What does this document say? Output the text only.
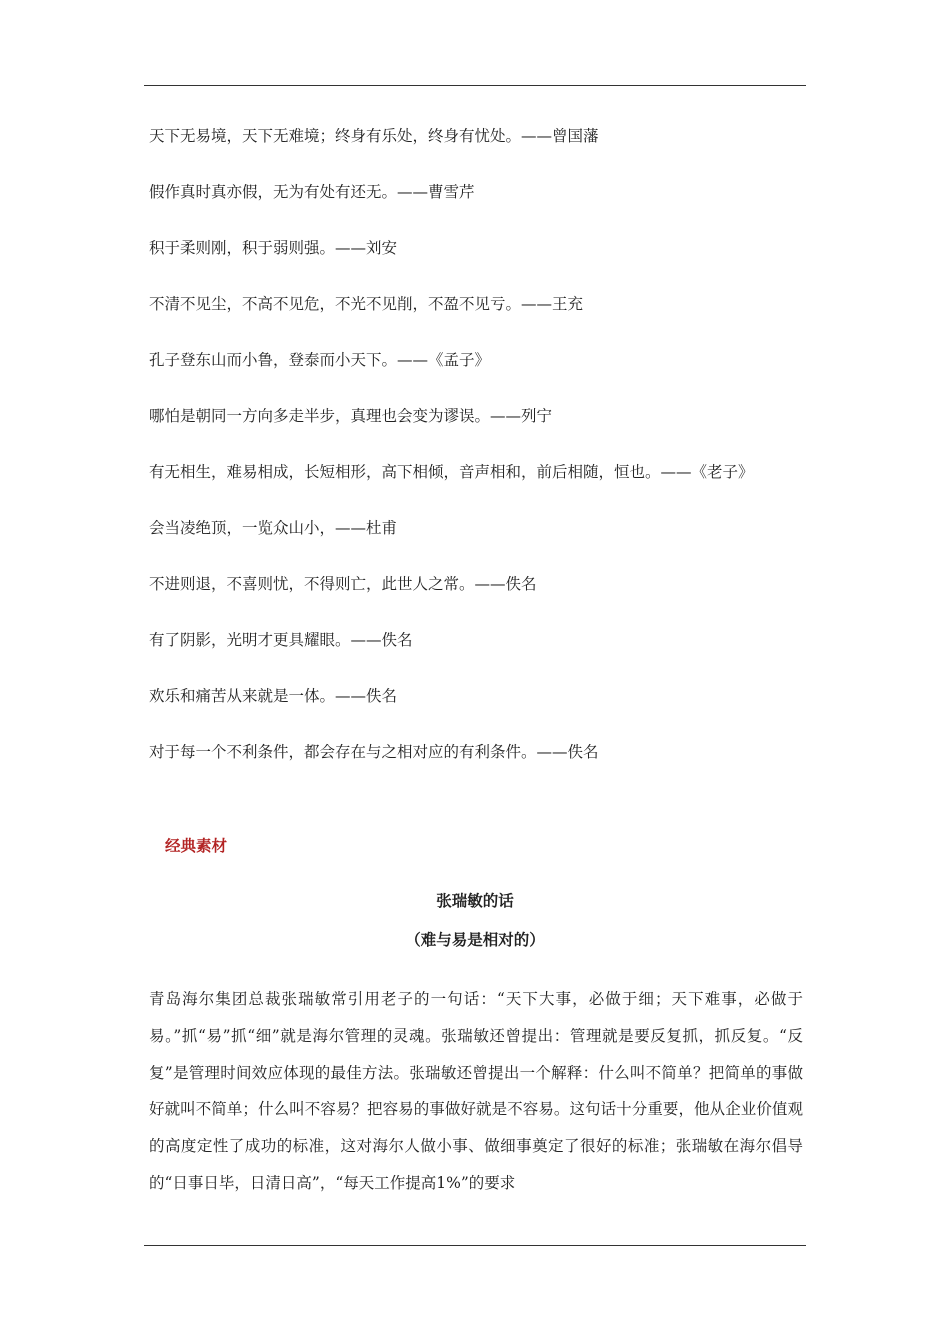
天下无易境，天下无难境；终身有乐处，终身有忧处。——曾国藩
假作真时真亦假，无为有处有还无。——曹雪芹
积于柔则刚，积于弱则强。——刘安
不清不见尘，不高不见危，不光不见削，不盈不见亏。——王充
孔子登东山而小鲁，登泰而小天下。——《孟子》
哪怕是朝同一方向多走半步，真理也会变为谬误。——列宁
有无相生，难易相成，长短相形，高下相倾，音声相和，前后相随，恒也。——《老子》
会当凌绝顶，一览众山小，——杜甫
不进则退，不喜则忧，不得则亡，此世人之常。——佚名
有了阴影，光明才更具耀眼。——佚名
欢乐和痛苦从来就是一体。——佚名
对于每一个不利条件，都会存在与之相对应的有利条件。——佚名
经典素材
张瑞敏的话
（难与易是相对的）

青岛海尔集团总裁张瑞敏常引用老子的一句话：“天下大事，必做于细；天下难事，必做于易。”抓“易”抓“细”就是海尔管理的灵魂。张瑞敏还曾提出：管理就是要反复抓，抓反复。“反复”是管理时间效应体现的最佳方法。张瑞敏还曾提出一个解释：什么叫不简单？把简单的事做好就叫不简单；什么叫不容易？把容易的事做好就是不容易。这句话十分重要，他从企业价值观的高度定性了成功的标准，这对海尔人做小事、做细事奠定了很好的标准；张瑞敏在海尔倡导的“日事日毕，日清日高”，“每天工作提高1%”的要求
